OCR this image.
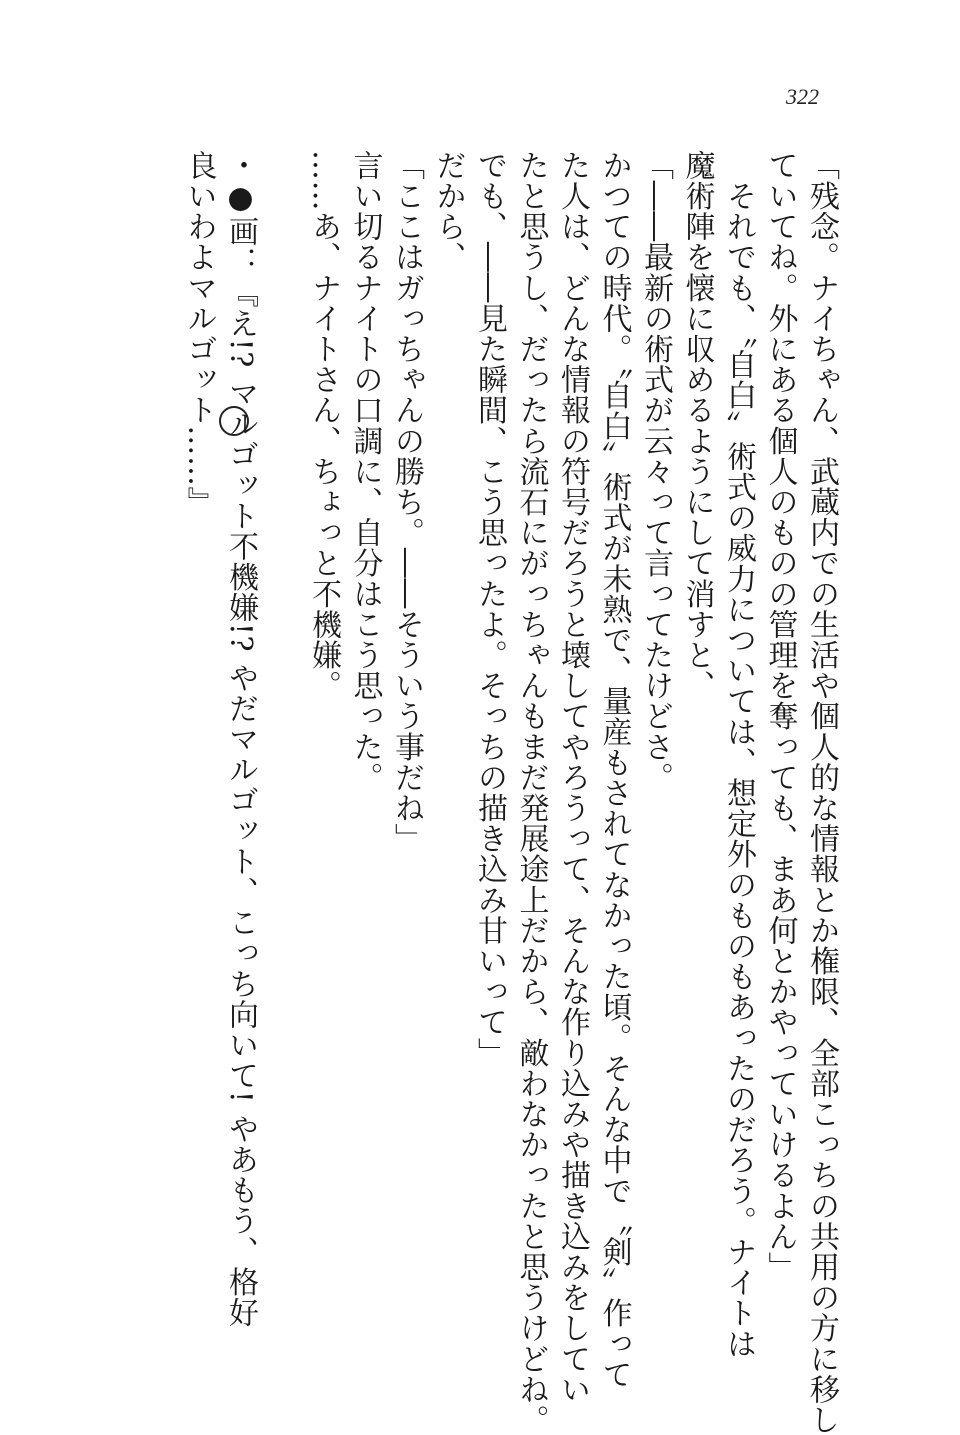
322
「残念。ナイちゃん、武蔵内での生活や個人的な情報とか権限、全部こっちの共用の方に移し
ていてね。外にある個人のものの管理を奪っても、まあ何とかやっていけるよん」
　それでも、〝自白〟術式の威力については、想定外のものもあったのだろう。ナイトは
魔術陣を懐に収めるようにして消すと、
「――最新の術式が云々って言ってたけどさ。
かつての時代。〝自白〟術式が未熟で、量産もされてなかった頃。そんな中で〝剣〟作って
た人は、どんな情報の符号だろうと壊してやろうって、そんな作り込みや描き込みをしてい
たと思うし、だったら流石にがっちゃんもまだ発展途上だから、敵わなかったと思うけどね。
でも、――見た瞬間、こう思ったよ。そっちの描き込み甘いって」
だから、
「ここはガっちゃんの勝ち。――そういう事だね」
言い切るナイトの口調に、自分はこう思った。
……あ、ナイトさん、ちょっと不機嫌。
・●画：『え!? マルゴット不機嫌!? やだマルゴット、こっち向いて! やあもう、格好
良いわよマルゴット……』
